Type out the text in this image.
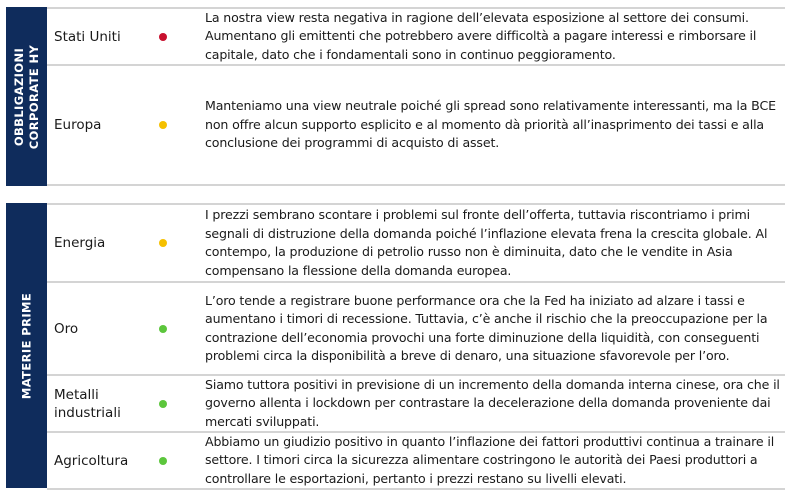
OBBLIGAZIONI CORPORATE HY
Stati Uniti
La nostra view resta negativa in ragione dell’elevata esposizione al settore dei consumi. Aumentano gli emittenti che potrebbero avere difficoltà a pagare interessi e rimborsare il capitale, dato che i fondamentali sono in continuo peggioramento.
Europa
Manteniamo una view neutrale poiché gli spread sono relativamente interessanti, ma la BCE non offre alcun supporto esplicito e al momento dà priorità all’inasprimento dei tassi e alla conclusione dei programmi di acquisto di asset.
MATERIE PRIME
Energia
I prezzi sembrano scontare i problemi sul fronte dell’offerta, tuttavia riscontriamo i primi segnali di distruzione della domanda poiché l’inflazione elevata frena la crescita globale. Al contempo, la produzione di petrolio russo non è diminuita, dato che le vendite in Asia compensano la flessione della domanda europea.
Oro
L’oro tende a registrare buone performance ora che la Fed ha iniziato ad alzare i tassi e aumentano i timori di recessione. Tuttavia, c’è anche il rischio che la preoccupazione per la contrazione dell’economia provochi una forte diminuzione della liquidità, con conseguenti problemi circa la disponibilità a breve di denaro, una situazione sfavorevole per l’oro.
Metalli
industriali
Siamo tuttora positivi in previsione di un incremento della domanda interna cinese, ora che il governo allenta i lockdown per contrastare la decelerazione della domanda proveniente dai mercati sviluppati.
Agricoltura
Abbiamo un giudizio positivo in quanto l’inflazione dei fattori produttivi continua a trainare il settore. I timori circa la sicurezza alimentare costringono le autorità dei Paesi produttori a controllare le esportazioni, pertanto i prezzi restano su livelli elevati.
